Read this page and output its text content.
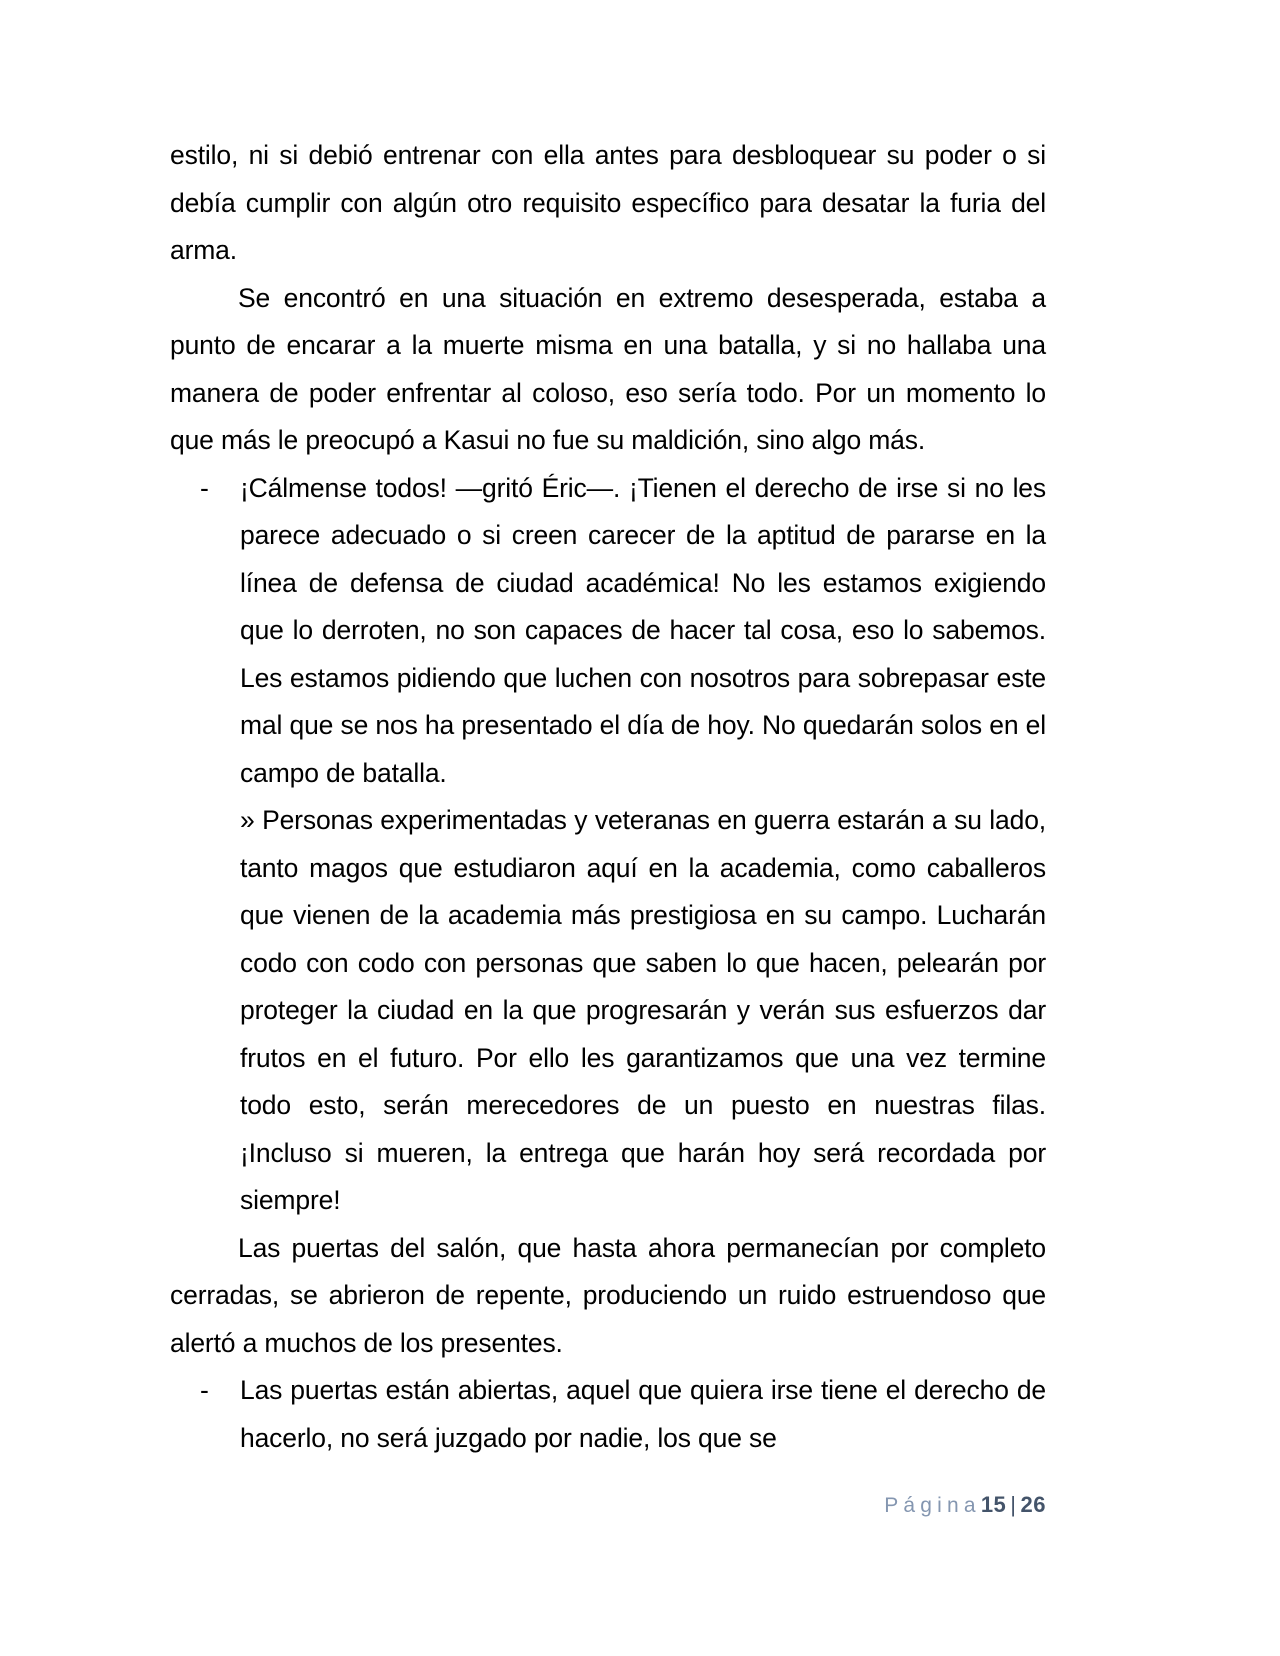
estilo, ni si debió entrenar con ella antes para desbloquear su poder o si debía cumplir con algún otro requisito específico para desatar la furia del arma.

Se encontró en una situación en extremo desesperada, estaba a punto de encarar a la muerte misma en una batalla, y si no hallaba una manera de poder enfrentar al coloso, eso sería todo. Por un momento lo que más le preocupó a Kasui no fue su maldición, sino algo más.

- ¡Cálmense todos! —gritó Éric—. ¡Tienen el derecho de irse si no les parece adecuado o si creen carecer de la aptitud de pararse en la línea de defensa de ciudad académica! No les estamos exigiendo que lo derroten, no son capaces de hacer tal cosa, eso lo sabemos. Les estamos pidiendo que luchen con nosotros para sobrepasar este mal que se nos ha presentado el día de hoy. No quedarán solos en el campo de batalla.

» Personas experimentadas y veteranas en guerra estarán a su lado, tanto magos que estudiaron aquí en la academia, como caballeros que vienen de la academia más prestigiosa en su campo. Lucharán codo con codo con personas que saben lo que hacen, pelearán por proteger la ciudad en la que progresarán y verán sus esfuerzos dar frutos en el futuro. Por ello les garantizamos que una vez termine todo esto, serán merecedores de un puesto en nuestras filas. ¡Incluso si mueren, la entrega que harán hoy será recordada por siempre!

Las puertas del salón, que hasta ahora permanecían por completo cerradas, se abrieron de repente, produciendo un ruido estruendoso que alertó a muchos de los presentes.

- Las puertas están abiertas, aquel que quiera irse tiene el derecho de hacerlo, no será juzgado por nadie, los que se

Página15 | 26
